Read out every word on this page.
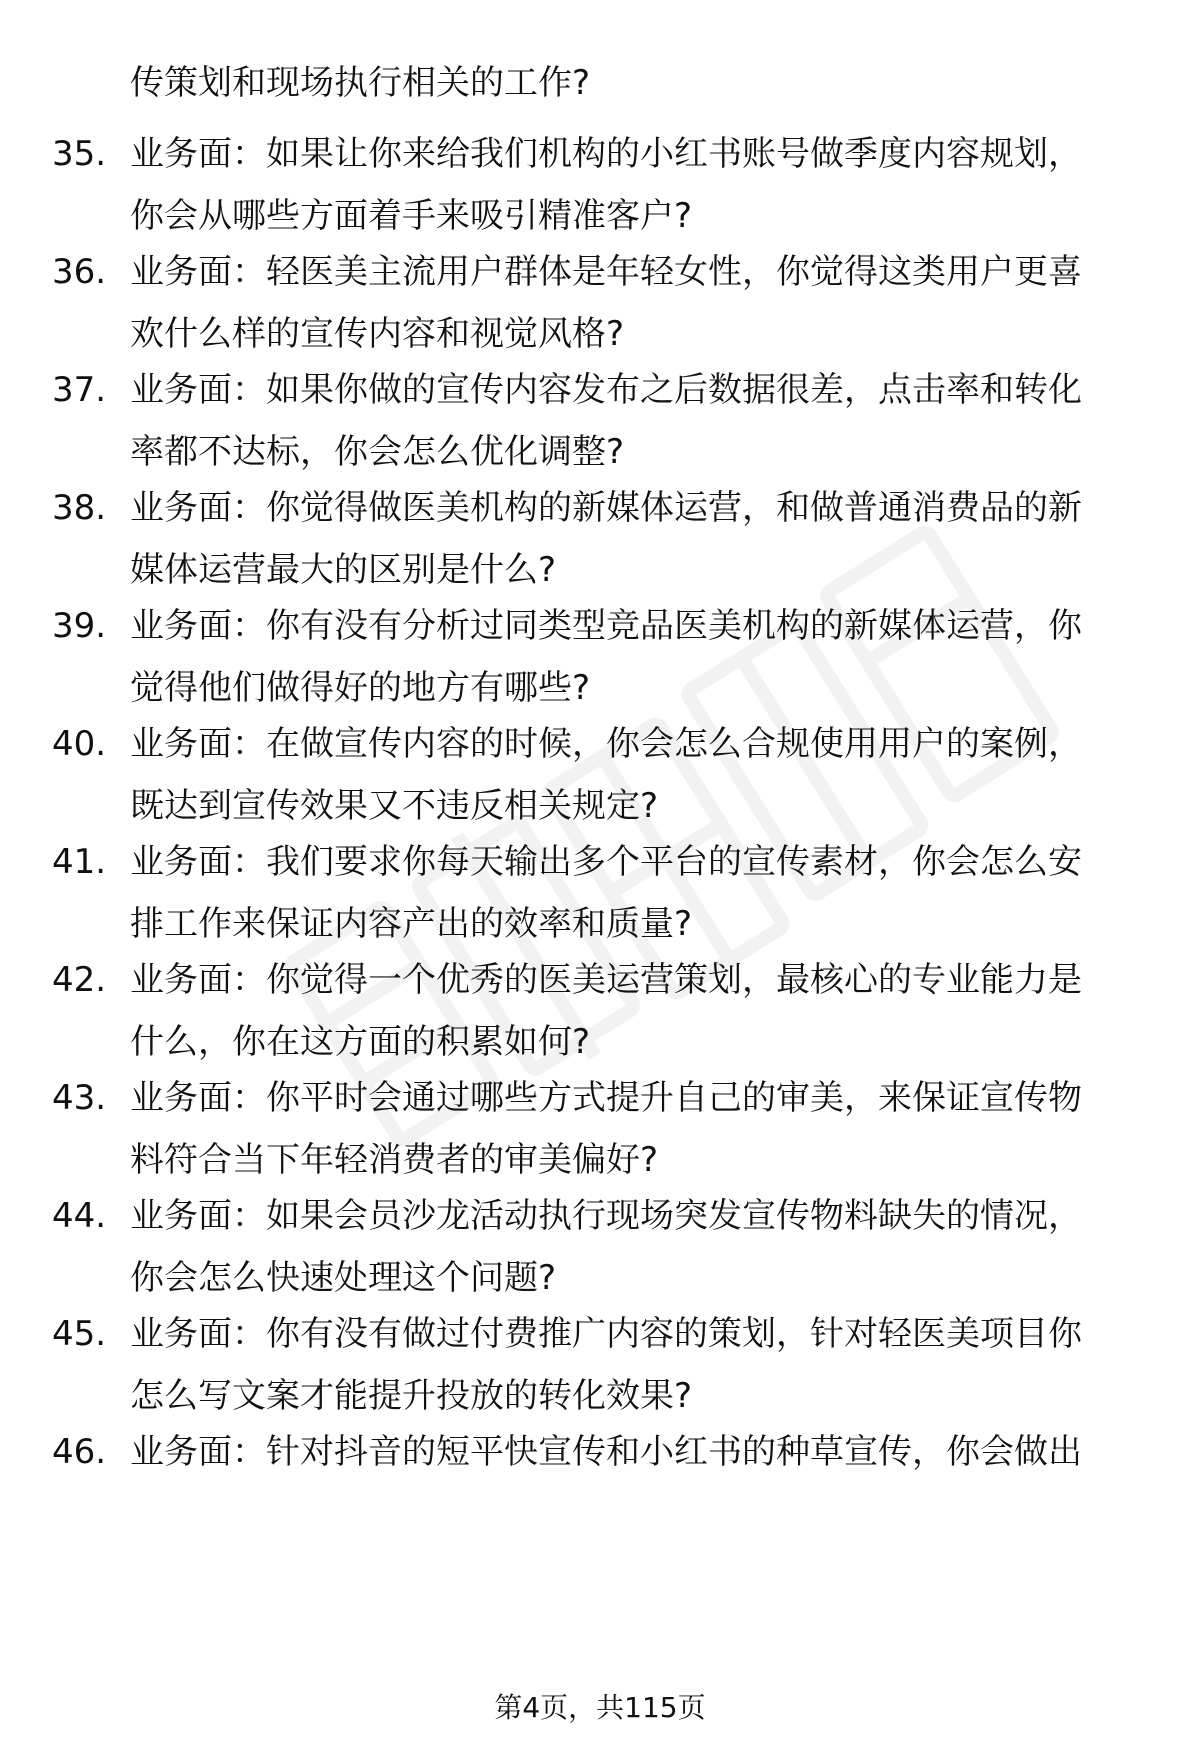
传策划和现场执行相关的工作?
35. 业务面：如果让你来给我们机构的小红书账号做季度内容规划，
你会从哪些方面着手来吸引精准客户?
36. 业务面：轻医美主流用户群体是年轻女性，你觉得这类用户更喜
欢什么样的宣传内容和视觉风格?
37. 业务面：如果你做的宣传内容发布之后数据很差，点击率和转化
率都不达标，你会怎么优化调整?
38. 业务面：你觉得做医美机构的新媒体运营，和做普通消费品的新
媒体运营最大的区别是什么?
39. 业务面：你有没有分析过同类型竞品医美机构的新媒体运营，你
觉得他们做得好的地方有哪些?
40. 业务面：在做宣传内容的时候，你会怎么合规使用用户的案例，
既达到宣传效果又不违反相关规定?
41. 业务面：我们要求你每天输出多个平台的宣传素材，你会怎么安
排工作来保证内容产出的效率和质量?
42. 业务面：你觉得一个优秀的医美运营策划，最核心的专业能力是
什么，你在这方面的积累如何?
43. 业务面：你平时会通过哪些方式提升自己的审美，来保证宣传物
料符合当下年轻消费者的审美偏好?
44. 业务面：如果会员沙龙活动执行现场突发宣传物料缺失的情况，
你会怎么快速处理这个问题?
45. 业务面：你有没有做过付费推广内容的策划，针对轻医美项目你
怎么写文案才能提升投放的转化效果?
46. 业务面：针对抖音的短平快宣传和小红书的种草宣传，你会做出
第4页，共115页
